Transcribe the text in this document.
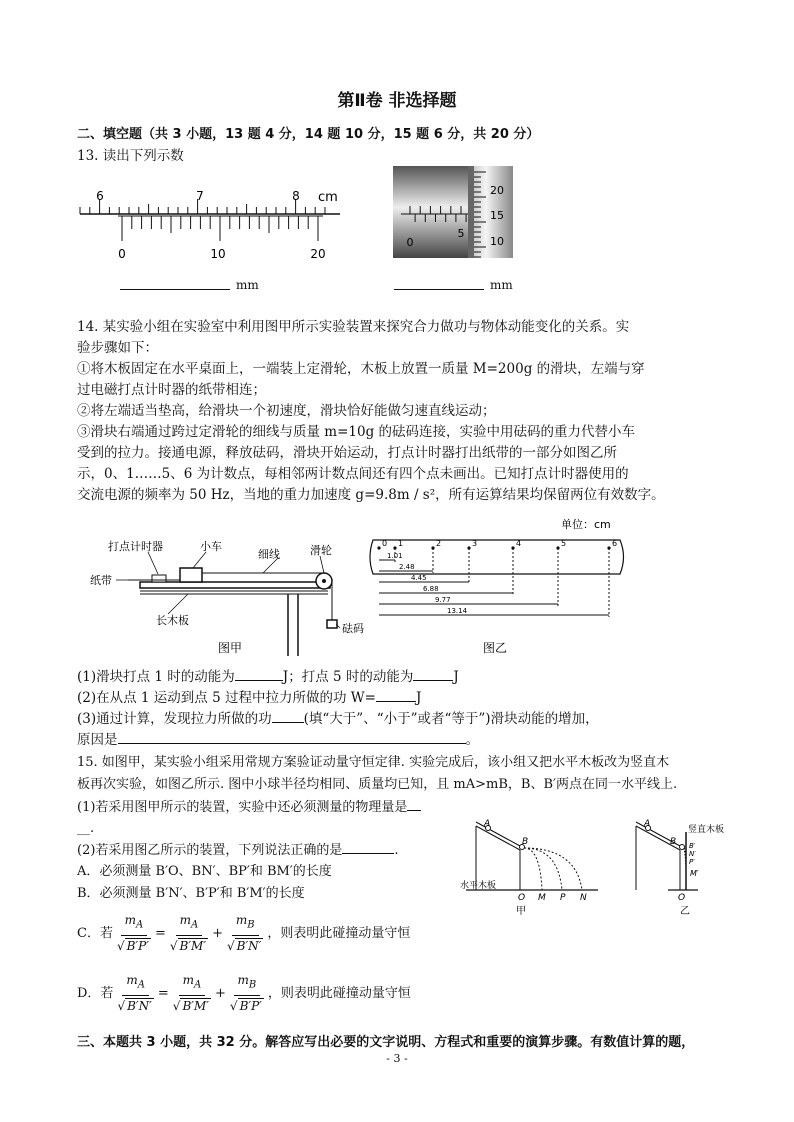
第Ⅱ卷 非选择题
二、填空题（共 3 小题，13 题 4 分，14 题 10 分，15 题 6 分，共 20 分）
13. 读出下列示数
6	7	8 cm
0	10	20
0
5
20
15
10
mm	mm
14. 某实验小组在实验室中利用图甲所示实验装置来探究合力做功与物体动能变化的关系。实
验步骤如下：
①将木板固定在水平桌面上，一端装上定滑轮，木板上放置一质量 M=200g 的滑块，左端与穿
过电磁打点计时器的纸带相连；
②将左端适当垫高，给滑块一个初速度，滑块恰好能做匀速直线运动；
③滑块右端通过跨过定滑轮的细线与质量 m=10g 的砝码连接，实验中用砝码的重力代替小车
受到的拉力。接通电源，释放砝码，滑块开始运动，打点计时器打出纸带的一部分如图乙所
示，0、1……5、6 为计数点，每相邻两计数点间还有四个点未画出。已知打点计时器使用的
交流电源的频率为 50 Hz，当地的重力加速度 g=9.8m / s²，所有运算结果均保留两位有效数字。
打点计时器	小车
细线	滑轮
纸带
砝码
长木板
图甲
单位：cm
0 1	2	3	4	5	6
1.01
2.48
4.45
6.88
9.77
13.14
图乙
(1)滑块打点 1 时的动能为	J；打点 5 时的动能为	J
(2)在从点 1 运动到点 5 过程中拉力所做的功 W=	J
(3)通过计算，发现拉力所做的功 (填“大于”、“小于”或者“等于”)滑块动能的增加，
原因是	。
15. 如图甲，某实验小组采用常规方案验证动量守恒定律. 实验完成后，该小组又把水平木板改为竖直木
板再次实验，如图乙所示. 图中小球半径均相同、质量均已知，且 mA>mB，B、B′两点在同一水平线上.
(1)若采用图甲所示的装置，实验中还必须测量的物理量是
__.
(2)若采用图乙所示的装置，下列说法正确的是	.
A．必须测量 B′O、BN′、BP′和 BM′的长度
B．必须测量 B′N′、B′P′和 B′M′的长度
C．若 $\frac{m_A}{√ B'P'} = \frac{m_A}{√ B'M'} + \frac{m_B}{√ B'N'}$ ，则表明此碰撞动量守恒
D．若 $\frac{m_A}{√ B'N'} = \frac{m_A}{√ B'M'} + \frac{m_B}{√ B'P'}$ ，则表明此碰撞动量守恒
A
B
水平木板
O M P N
甲
A
B
竖直木板
B′
N′
P′
M′
O
乙
三、本题共 3 小题，共 32 分。解答应写出必要的文字说明、方程式和重要的演算步骤。有数值计算的题，
- 3 -
